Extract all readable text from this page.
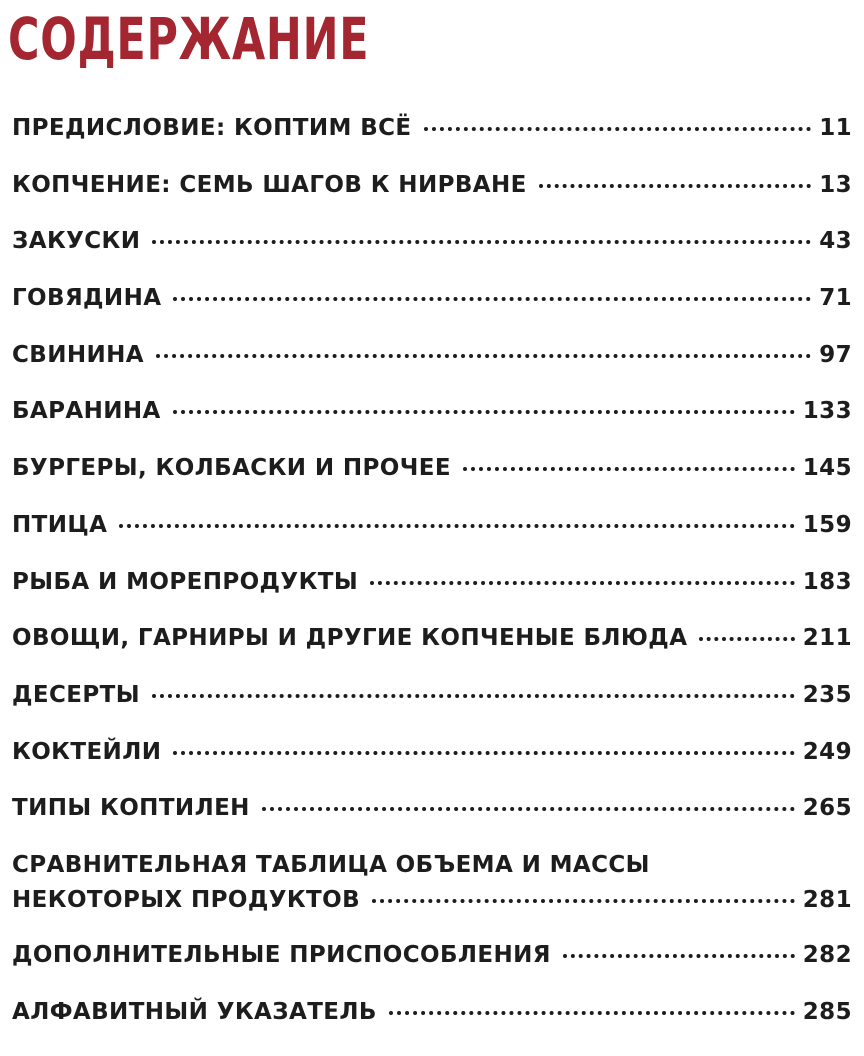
СОДЕРЖАНИЕ
ПРЕДИСЛОВИЕ: КОПТИМ ВСЁ	11
КОПЧЕНИЕ: СЕМЬ ШАГОВ К НИРВАНЕ	13
ЗАКУСКИ	43
ГОВЯДИНА	71
СВИНИНА	97
БАРАНИНА	133
БУРГЕРЫ, КОЛБАСКИ И ПРОЧЕЕ	145
ПТИЦА	159
РЫБА И МОРЕПРОДУКТЫ	183
ОВОЩИ, ГАРНИРЫ И ДРУГИЕ КОПЧЕНЫЕ БЛЮДА	211
ДЕСЕРТЫ	235
КОКТЕЙЛИ	249
ТИПЫ КОПТИЛЕН	265
СРАВНИТЕЛЬНАЯ ТАБЛИЦА ОБЪЕМА И МАССЫ
НЕКОТОРЫХ ПРОДУКТОВ	281
ДОПОЛНИТЕЛЬНЫЕ ПРИСПОСОБЛЕНИЯ	282
АЛФАВИТНЫЙ УКАЗАТЕЛЬ	285
